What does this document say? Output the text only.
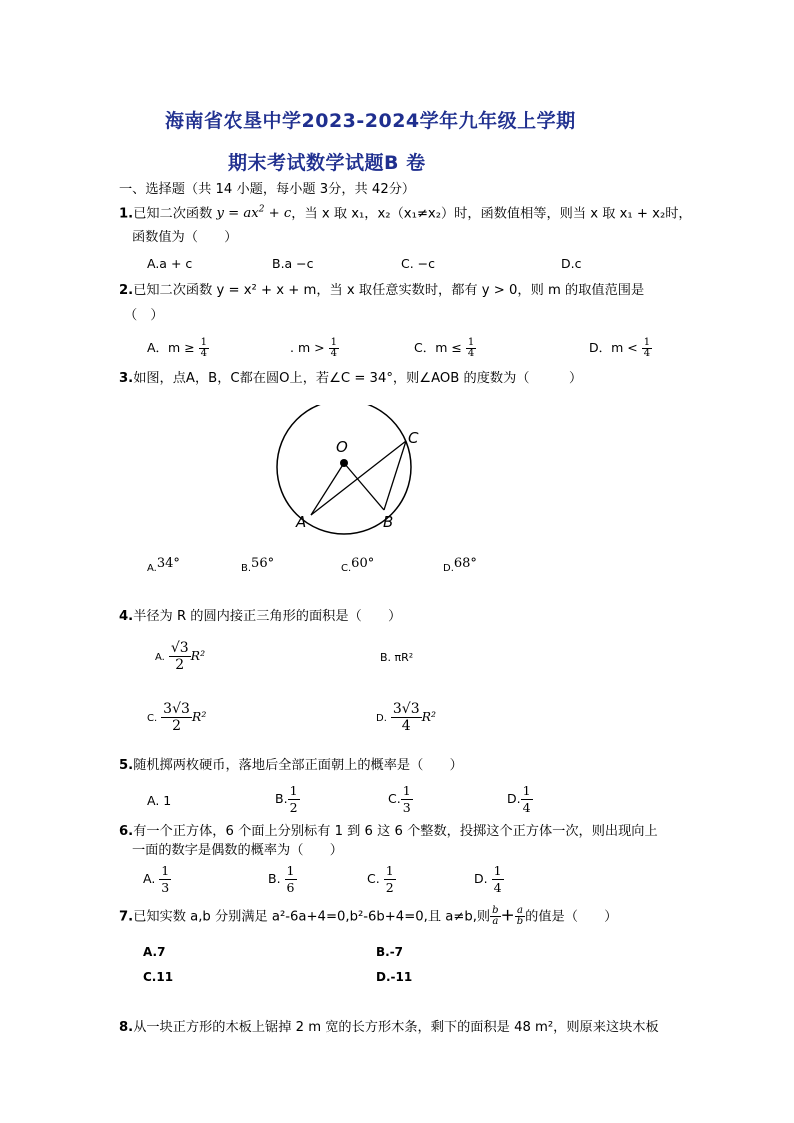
海南省农垦中学2023-2024学年九年级上学期
期末考试数学试题B 卷
一、选择题（共 14 小题，每小题 3分，共 42分）
1.已知二次函数 $y = ax^2 + c$，当 x 取 x₁，x₂（x₁≠x₂）时，函数值相等，则当 x 取 x₁ + x₂时，
函数值为（　　）
A.a + c	B.a −c	C. −c	D.c
2.已知二次函数 y = x² + x + m，当 x 取任意实数时，都有 y > 0，则 m 的取值范围是
（　）
A．$m \ge \frac{1}{4}$	. $m > \frac{1}{4}$	C．$m \le \frac{1}{4}$	D．$m < \frac{1}{4}$
3.如图，点A，B，C都在圆O上，若∠C = 34°，则∠AOB 的度数为（　　　）
O
A	B
C
A.34°	B.56°	C.60°	D.68°
4.半径为 R 的圆内接正三角形的面积是（　　）
A. $\frac{√3}{2} R^2$	B. πR²
C. $\frac{3√3}{2} R^2$	D. $\frac{3√3}{4} R^2$
5.随机掷两枚硬币，落地后全部正面朝上的概率是（　　）
A. 1	B. $\frac{1}{2}$	C. $\frac{1}{3}$	D. $\frac{1}{4}$
6.有一个正方体，6 个面上分别标有 1 到 6 这 6 个整数，投掷这个正方体一次，则出现向上
一面的数字是偶数的概率为（　　）
A. $\frac{1}{3}$	B. $\frac{1}{6}$	C. $\frac{1}{2}$	D. $\frac{1}{4}$
7.已知实数 a,b 分别满足 a²-6a+4=0,b²-6b+4=0,且 a≠b,则 $\frac{b}{a} + \frac{a}{b}$ 的值是（　　）
A.7	B.-7
C.11	D.-11
8.从一块正方形的木板上锯掉 2 m 宽的长方形木条，剩下的面积是 48 m²，则原来这块木板
